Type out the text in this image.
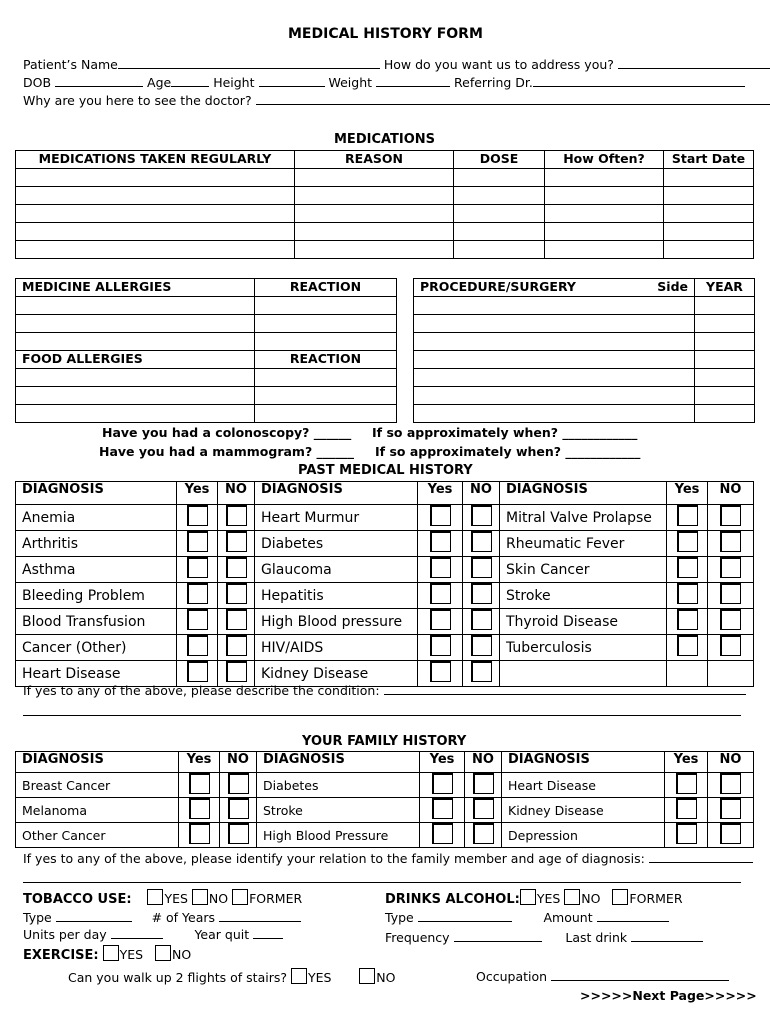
MEDICAL HISTORY FORM
Patient’s Name	How do you want us to address you?
DOB	Age	Height	Weight	Referring Dr.
Why are you here to see the doctor?
MEDICATIONS
MEDICATIONS TAKEN REGULARLY	REASON	DOSE	How Often?	Start Date

MEDICINE ALLERGIES	REACTION

FOOD ALLERGIES	REACTION

PROCEDURE/SURGERY Side	YEAR

Have you had a colonoscopy? ______ If so approximately when? ____________
Have you had a mammogram? ______ If so approximately when? ____________
PAST MEDICAL HISTORY
DIAGNOSIS	Yes	NO	DIAGNOSIS	Yes	NO	DIAGNOSIS	Yes	NO
Anemia			Heart Murmur			Mitral Valve Prolapse		
Arthritis			Diabetes			Rheumatic Fever		
Asthma			Glaucoma			Skin Cancer		
Bleeding Problem			Hepatitis			Stroke		
Blood Transfusion			High Blood pressure			Thyroid Disease		
Cancer (Other)			HIV/AIDS			Tuberculosis		
Heart Disease			Kidney Disease					
If yes to any of the above, please describe the condition:
YOUR FAMILY HISTORY
DIAGNOSIS	Yes	NO	DIAGNOSIS	Yes	NO	DIAGNOSIS	Yes	NO
Breast Cancer			Diabetes			Heart Disease		
Melanoma			Stroke			Kidney Disease		
Other Cancer			High Blood Pressure			Depression		
If yes to any of the above, please identify your relation to the family member and age of diagnosis:
TOBACCO USE:	YES NO FORMER
Type	# of Years
Units per day	Year quit
DRINKS ALCOHOL: YES NO FORMER
Type	Amount
Frequency	Last drink
EXERCISE: YES NO
Can you walk up 2 flights of stairs? YES	NO	Occupation
>>>>>Next Page>>>>>
